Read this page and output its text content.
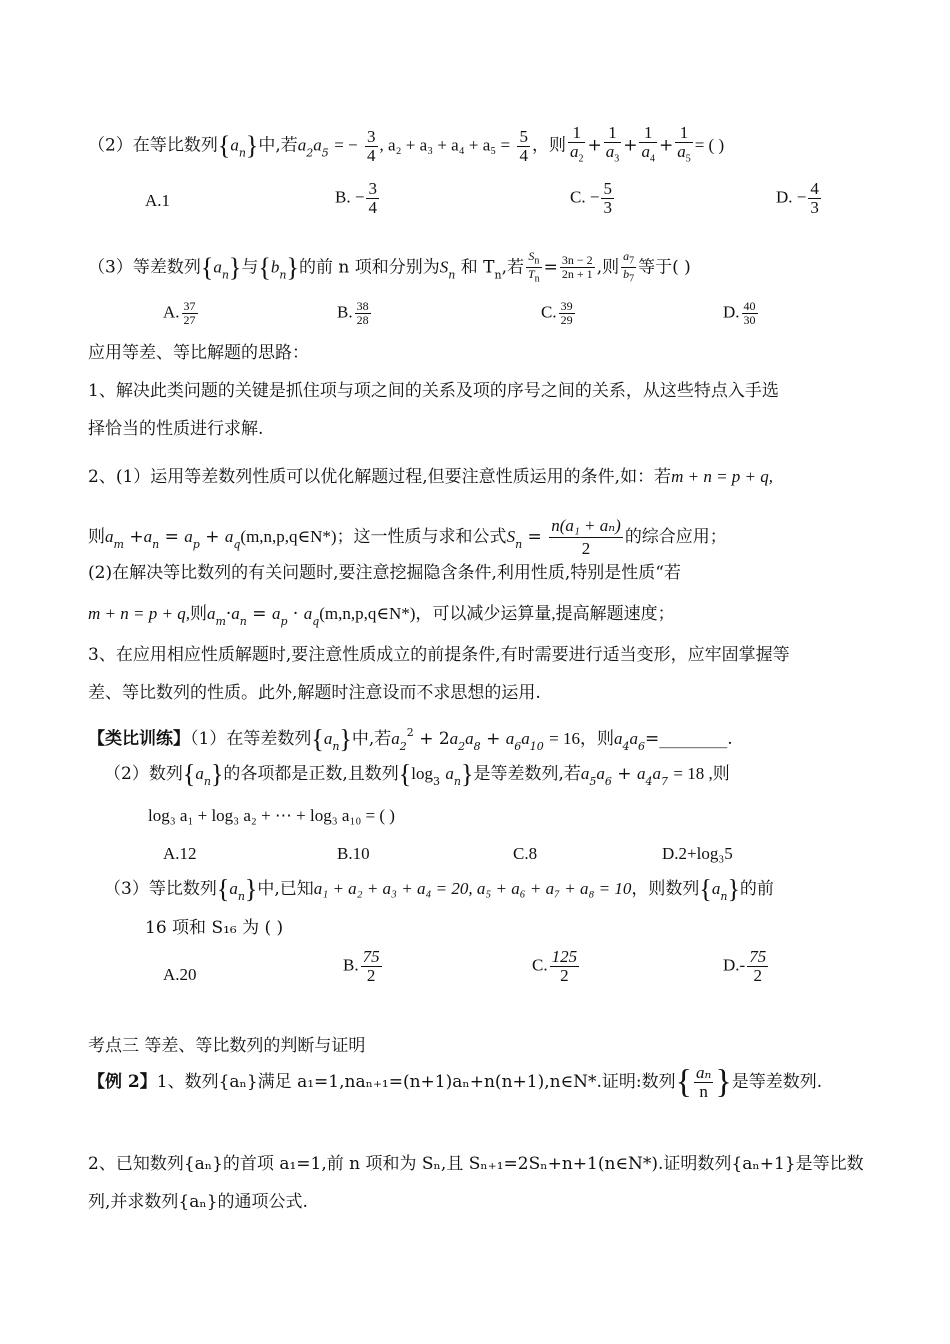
（2）在等比数列$\{a_n\}$中,若$a_2a_5$ = − $\frac{3}{4}$ , $a_2 + a_3 + a_4 + a_5 = \frac{5}{4}$ ，则 $\frac{1}{a_2} + \frac{1}{a_3} + \frac{1}{a_4} + \frac{1}{a_5}$ = ( )
A.1	B. − $\frac{3}{4}$	C. − $\frac{5}{3}$	D. − $\frac{4}{3}$
（3）等差数列$\{a_n\}$与$\{b_n\}$的前 n 项和分别为$S_n$ 和 $T_n$,若 $\frac{S_n}{T_n} = \frac{3n - 2}{2n + 1}$ ,则 $\frac{a_7}{b_7}$ 等于( )
A. $\frac{37}{27}$	B. $\frac{38}{28}$	C. $\frac{39}{29}$	D. $\frac{40}{30}$
应用等差、等比解题的思路：
1、解决此类问题的关键是抓住项与项之间的关系及项的序号之间的关系，从这些特点入手选
择恰当的性质进行求解.
2、(1）运用等差数列性质可以优化解题过程,但要注意性质运用的条件,如：若m + n = p + q,
则$a_m +a_n = a_p$ + $a_q(m,n,p,q\in N*)$；这一性质与求和公式$S_n = \frac{\text{n(a₁ + aₙ)}}{2}$ 的综合应用；
(2)在解决等比数列的有关问题时,要注意挖掘隐含条件,利用性质,特别是性质“若
m + n = p + q,则$a_m\cdot a_n = a_p$ · $a_q(m,n,p,q\in N*)$，可以减少运算量,提高解题速度；
3、在应用相应性质解题时,要注意性质成立的前提条件,有时需要进行适当变形，应牢固掌握等
差、等比数列的性质。此外,解题时注意设而不求思想的运用.
【类比训练】（1）在等差数列$\{a_n\}$中,若$a_2^2 + 2a_2a_8 + a_6a_{10} = 16$，则$a_4a_6=\_\_\_\_\_\_\_\_$.
（2）数列$\{a_n\}$的各项都是正数,且数列{$\log_3$ $a_n$}是等差数列,若$a_5a_6 + a_4a_7 = 18$ ,则
log₃ a₁ + log₃ a₂ + ⋯ + log₃ a₁₀ = ( )
A.12	B.10	C.8	D.2+log₃5
（3）等比数列$\{a_n\}$中,已知a₁ + a₂ + a₃ + a₄ = 20, a₅ + a₆ + a₇ + a₈ = 10，则数列$\{a_n\}$的前
16 项和 S₁₆ 为 ( )
A.20
B. $\frac{75}{2}$	C. $\frac{125}{2}$	$D.- \frac{75}{2}$
考点三 等差、等比数列的判断与证明
【例 2】1、数列{aₙ}满足 a₁=1,naₙ₊₁=(n+1)aₙ+n(n+1),n∈N*.证明:数列{ $\frac{\text{aₙ}}{n}$ }是等差数列.
2、已知数列{aₙ}的首项 a₁=1,前 n 项和为 Sₙ,且 Sₙ₊₁=2Sₙ+n+1(n∈N*).证明数列{aₙ+1}是等比数
列,并求数列{aₙ}的通项公式.
